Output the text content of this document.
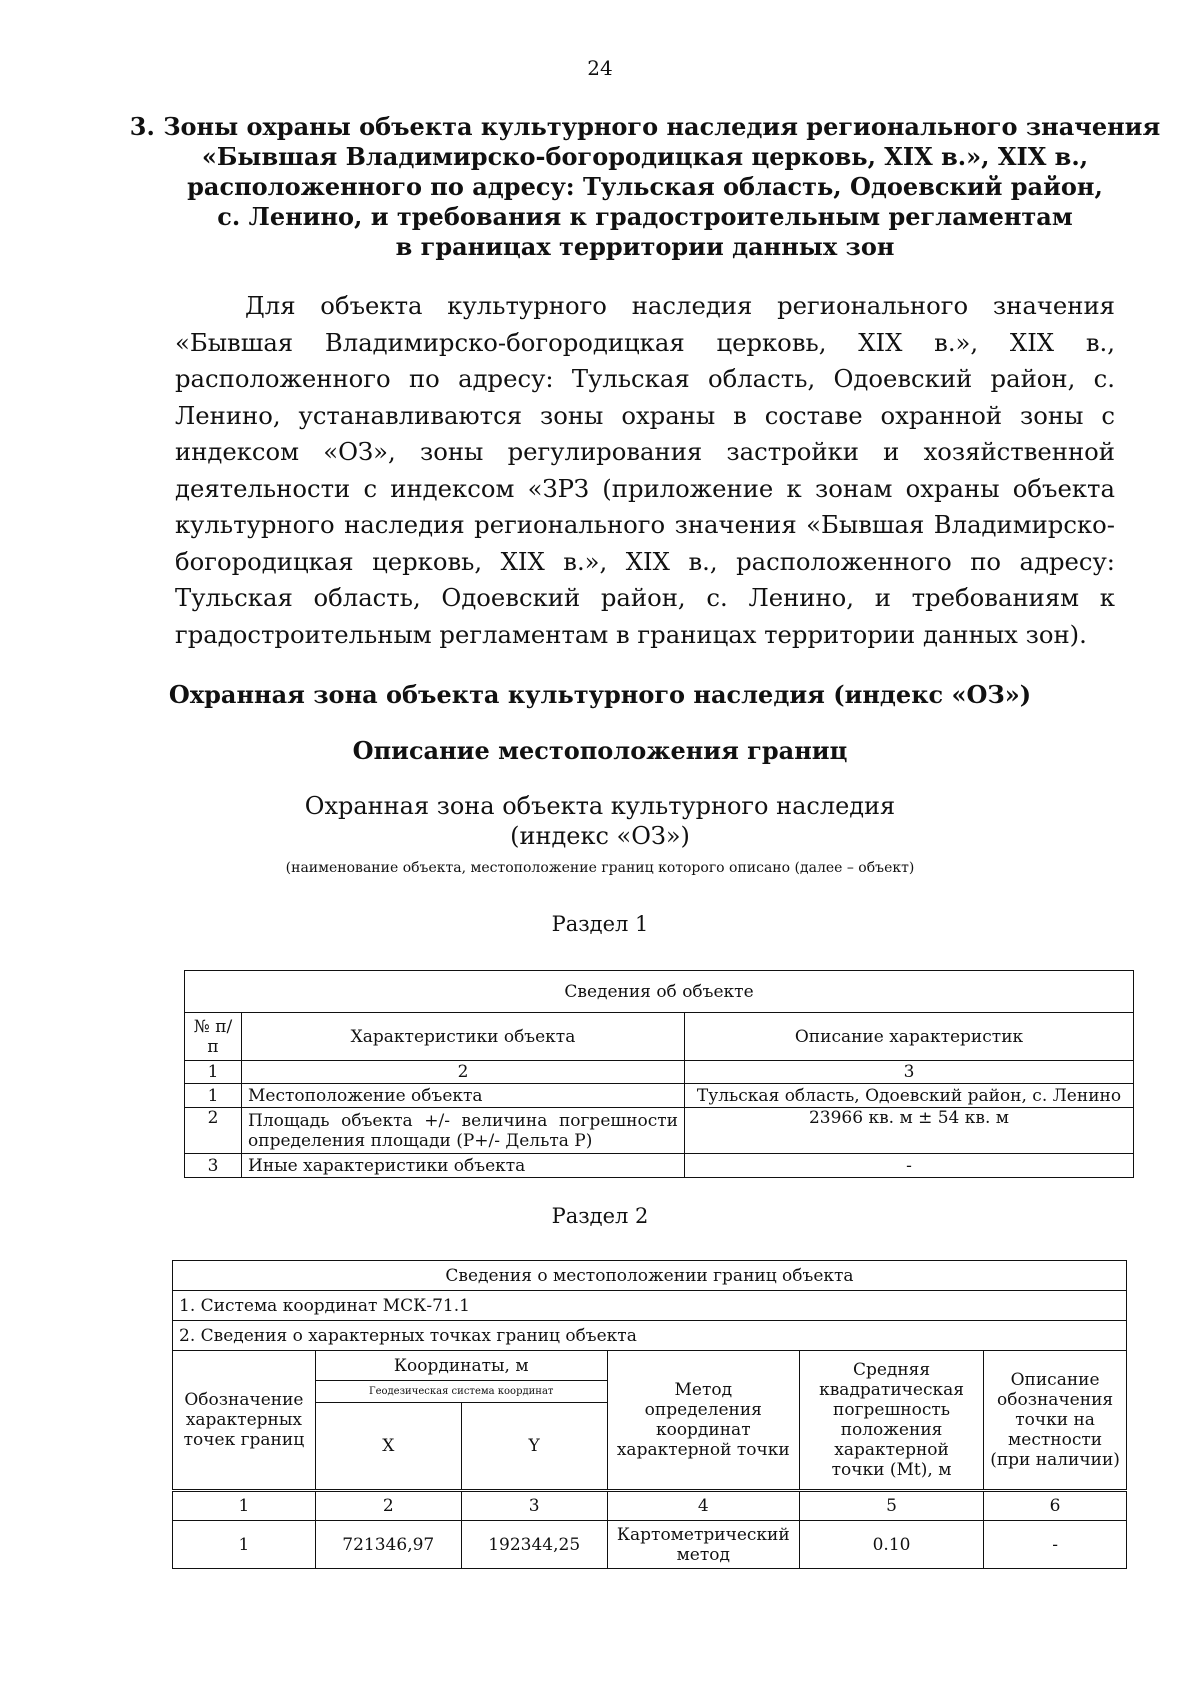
24
3. Зоны охраны объекта культурного наследия регионального значения
«Бывшая Владимирско-богородицкая церковь, XIX в.», XIX в.,
расположенного по адресу: Тульская область, Одоевский район,
с. Ленино, и требования к градостроительным регламентам
в границах территории данных зон
Для объекта культурного наследия регионального значения «Бывшая Владимирско-богородицкая церковь, XIX в.», XIX в., расположенного по адресу: Тульская область, Одоевский район, с. Ленино, устанавливаются зоны охраны в составе охранной зоны с индексом «ОЗ», зоны регулирования застройки и хозяйственной деятельности с индексом «ЗРЗ (приложение к зонам охраны объекта культурного наследия регионального значения «Бывшая Владимирско-богородицкая церковь, XIX в.», XIX в., расположенного по адресу: Тульская область, Одоевский район, с. Ленино, и требованиям к градостроительным регламентам в границах территории данных зон).
Охранная зона объекта культурного наследия (индекс «ОЗ»)
Описание местоположения границ
Охранная зона объекта культурного наследия
(индекс «ОЗ»)
(наименование объекта, местоположение границ которого описано (далее – объект)
Раздел 1
Сведения об объекте		
№ п/п	Характеристики объекта	Описание характеристик
1	2	3
1	Местоположение объекта	Тульская область, Одоевский район, с. Ленино
2	Площадь объекта +/- величина погрешности определения площади (Р+/- Дельта Р)	23966 кв. м ± 54 кв. м
3	Иные характеристики объекта	-
Раздел 2
Сведения о местоположении границ объекта					
1. Система координат МСК-71.1					
2. Сведения о характерных точках границ объекта					
Обозначение характерных точек границ	Координаты, м		Метод определения координат характерной точки	Средняя квадратическая погрешность положения характерной точки (Mt), м	Описание обозначения точки на местности (при наличии)
	Геодезическая система координат				
	X	Y			
1	2	3	4	5	6
1	721346,97	192344,25	Картометрический метод	0.10	-
